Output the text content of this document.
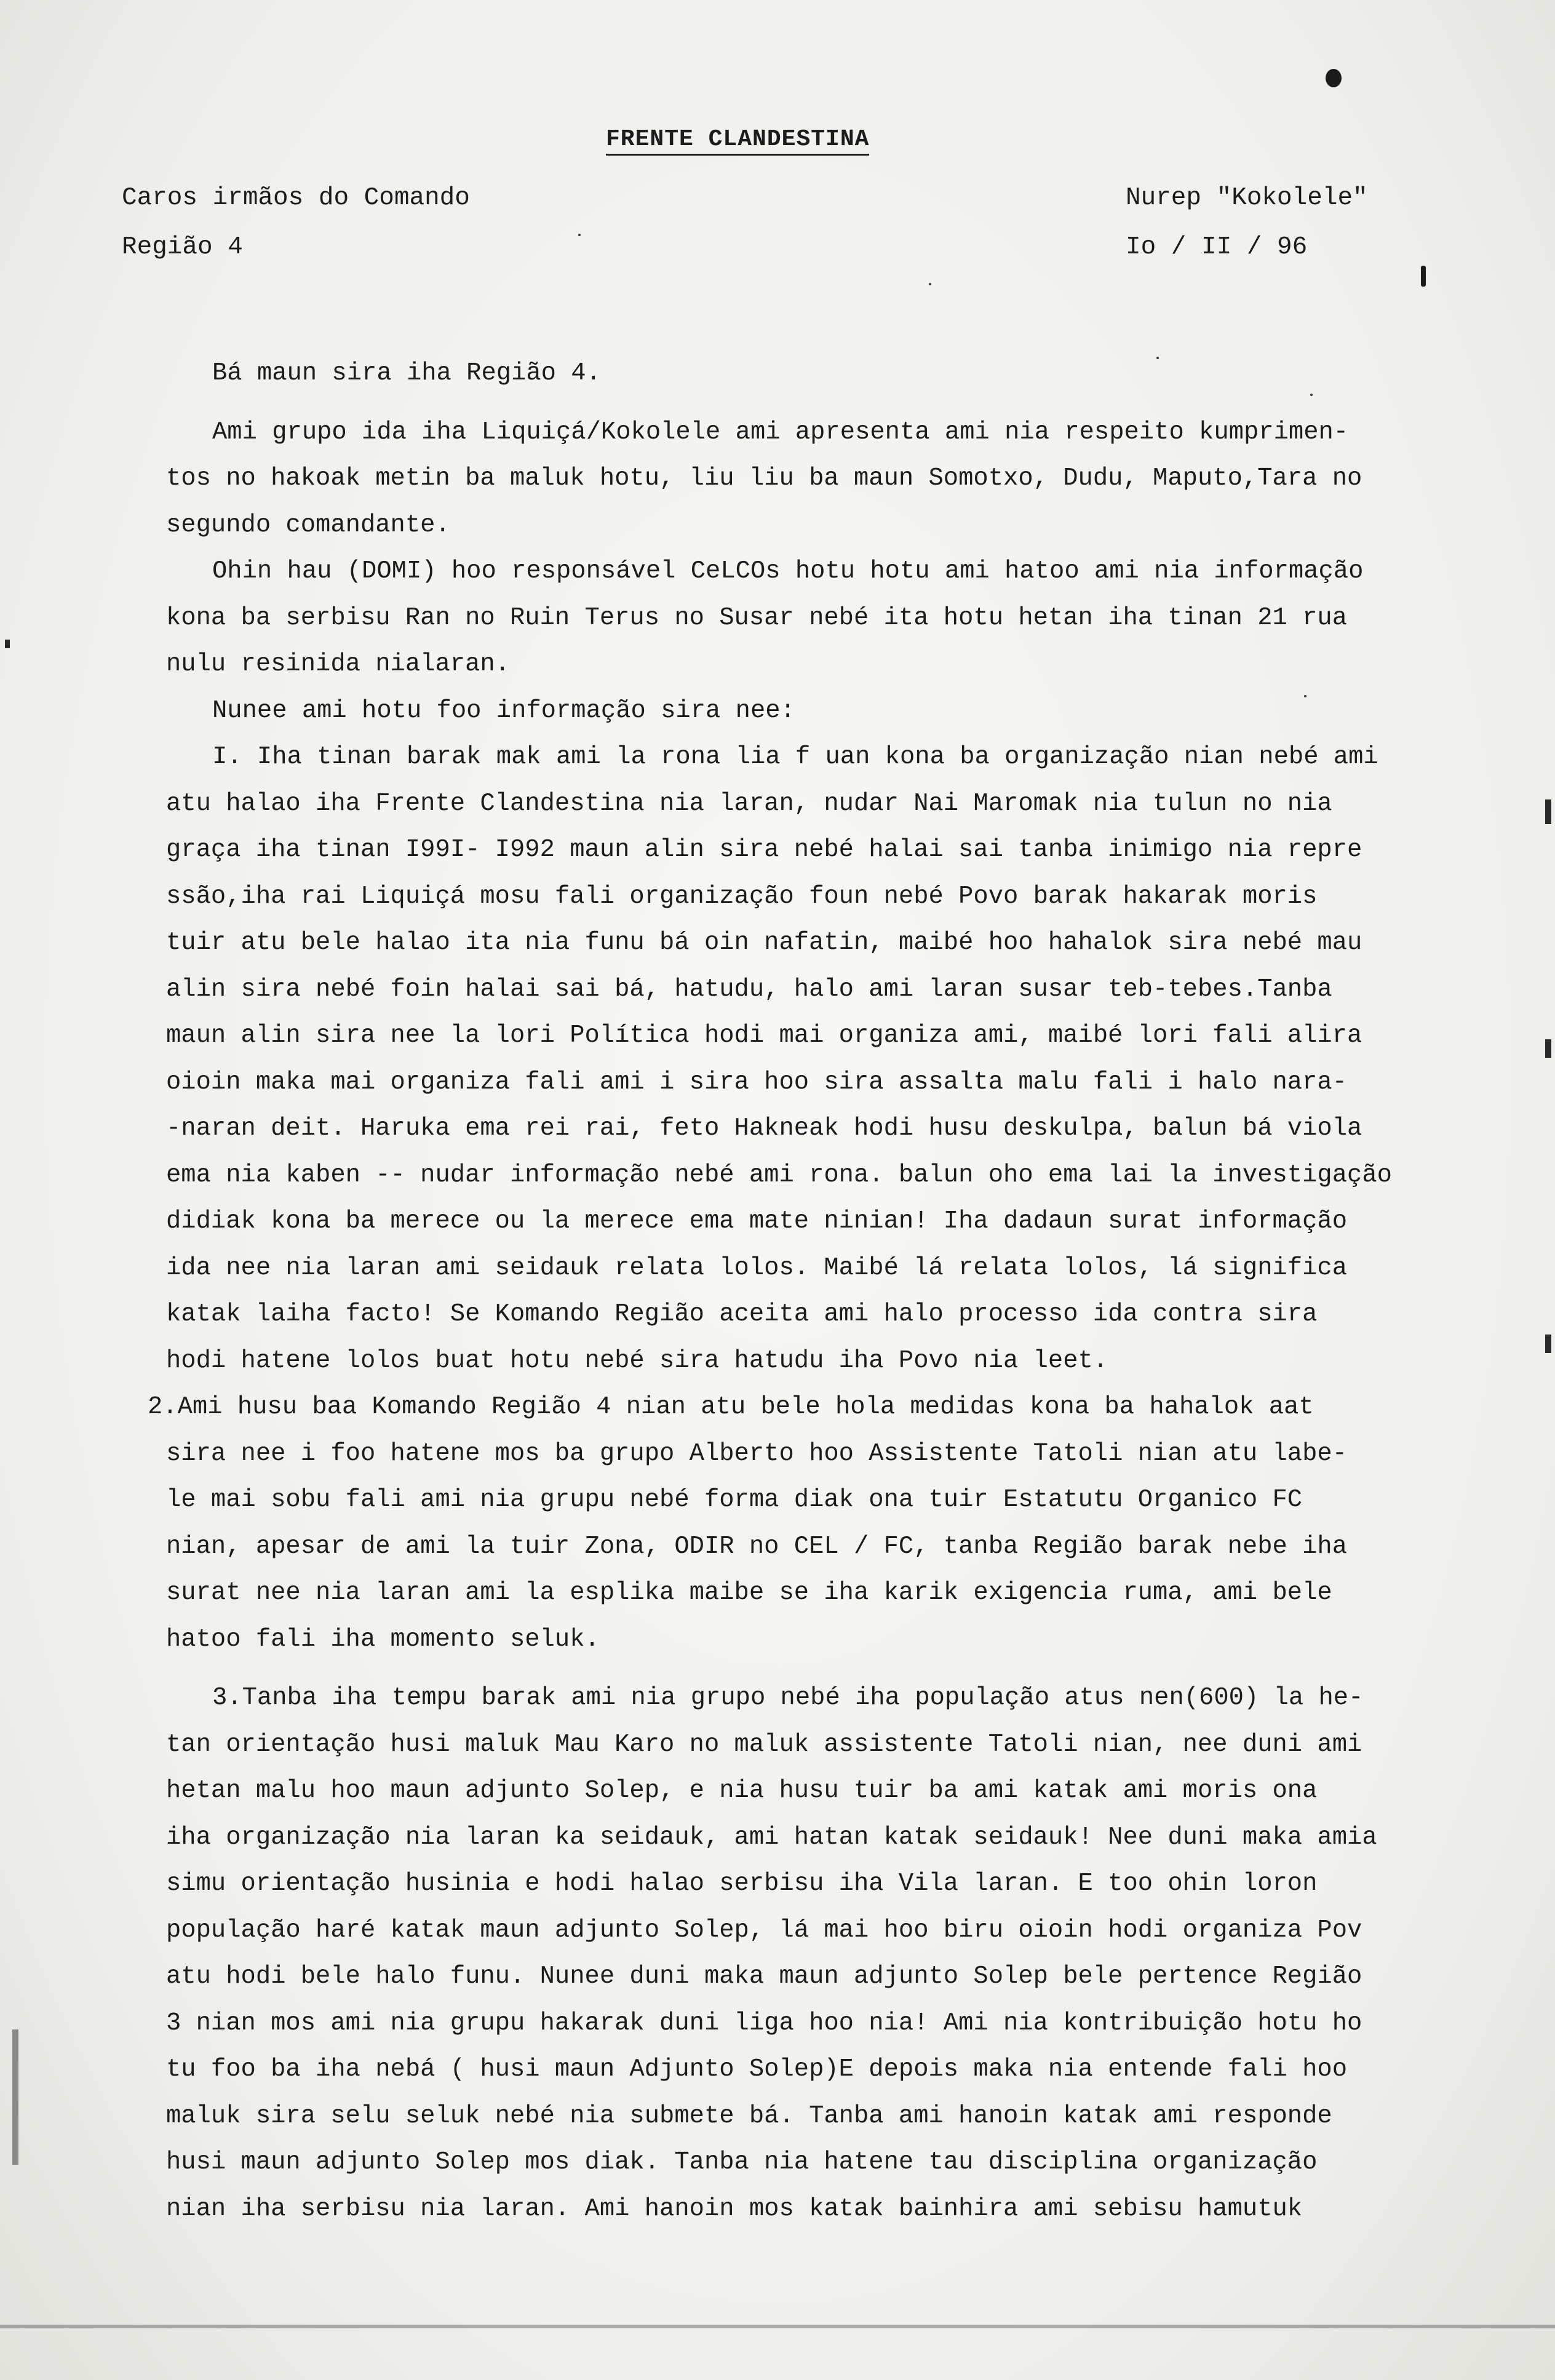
FRENTE CLANDESTINA
Caros irmãos do Comando
Região 4
Nurep "Kokolele"
Io / II / 96
Bá maun sira iha Região 4.
Ami grupo ida iha Liquiçá/Kokolele ami apresenta ami nia respeito kumprimen-
tos no hakoak metin ba maluk hotu, liu liu ba maun Somotxo, Dudu, Maputo,Tara no
segundo comandante.
Ohin hau (DOMI) hoo responsável CeLCOs hotu hotu ami hatoo ami nia informação
kona ba serbisu Ran no Ruin Terus no Susar nebé ita hotu hetan iha tinan 21 rua
nulu resinida nialaran.
Nunee ami hotu foo informação sira nee:
I. Iha tinan barak mak ami la rona lia f uan kona ba organização nian nebé ami
atu halao iha Frente Clandestina nia laran, nudar Nai Maromak nia tulun no nia
graça iha tinan I99I- I992 maun alin sira nebé halai sai tanba inimigo nia repre
ssão,iha rai Liquiçá mosu fali organização foun nebé Povo barak hakarak moris
tuir atu bele halao ita nia funu bá oin nafatin, maibé hoo hahalok sira nebé mau
alin sira nebé foin halai sai bá, hatudu, halo ami laran susar teb-tebes.Tanba
maun alin sira nee la lori Política hodi mai organiza ami, maibé lori fali alira
oioin maka mai organiza fali ami i sira hoo sira assalta malu fali i halo nara-
-naran deit. Haruka ema rei rai, feto Hakneak hodi husu deskulpa, balun bá viola
ema nia kaben -- nudar informação nebé ami rona. balun oho ema lai la investigação
didiak kona ba merece ou la merece ema mate ninian! Iha dadaun surat informação
ida nee nia laran ami seidauk relata lolos. Maibé lá relata lolos, lá significa
katak laiha facto! Se Komando Região aceita ami halo processo ida contra sira
hodi hatene lolos buat hotu nebé sira hatudu iha Povo nia leet.
2.Ami husu baa Komando Região 4 nian atu bele hola medidas kona ba hahalok aat
sira nee i foo hatene mos ba grupo Alberto hoo Assistente Tatoli nian atu labe-
le mai sobu fali ami nia grupu nebé forma diak ona tuir Estatutu Organico FC
nian, apesar de ami la tuir Zona, ODIR no CEL / FC, tanba Região barak nebe iha
surat nee nia laran ami la esplika maibe se iha karik exigencia ruma, ami bele
hatoo fali iha momento seluk.
3.Tanba iha tempu barak ami nia grupo nebé iha população atus nen(600) la he-
tan orientação husi maluk Mau Karo no maluk assistente Tatoli nian, nee duni ami
hetan malu hoo maun adjunto Solep, e nia husu tuir ba ami katak ami moris ona
iha organização nia laran ka seidauk, ami hatan katak seidauk! Nee duni maka amia
simu orientação husinia e hodi halao serbisu iha Vila laran. E too ohin loron
população haré katak maun adjunto Solep, lá mai hoo biru oioin hodi organiza Pov
atu hodi bele halo funu. Nunee duni maka maun adjunto Solep bele pertence Região
3 nian mos ami nia grupu hakarak duni liga hoo nia! Ami nia kontribuição hotu ho
tu foo ba iha nebá ( husi maun Adjunto Solep)E depois maka nia entende fali hoo
maluk sira selu seluk nebé nia submete bá. Tanba ami hanoin katak ami responde
husi maun adjunto Solep mos diak. Tanba nia hatene tau disciplina organização
nian iha serbisu nia laran. Ami hanoin mos katak bainhira ami sebisu hamutuk
